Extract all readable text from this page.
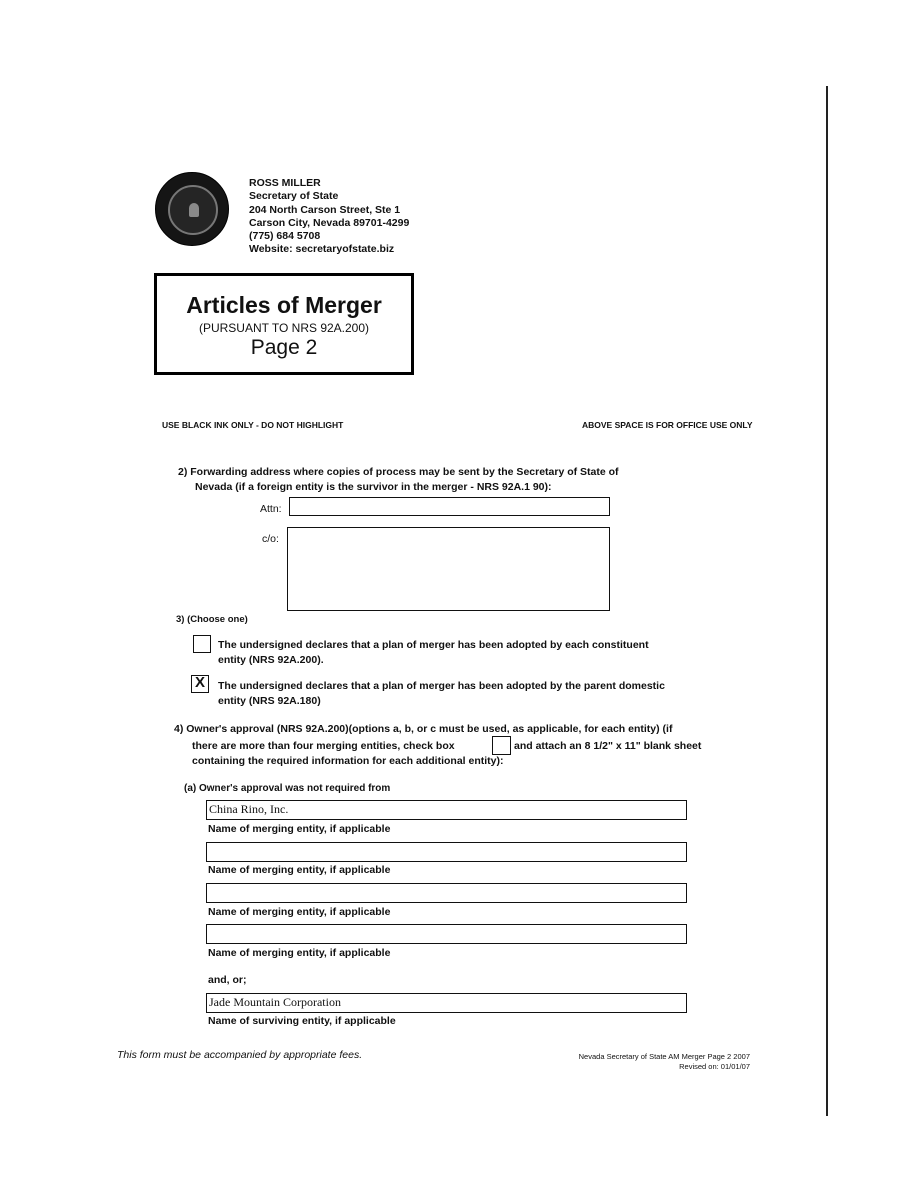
ROSS MILLER
Secretary of State
204 North Carson Street, Ste 1
Carson City, Nevada 89701-4299
(775) 684 5708
Website: secretaryofstate.biz
Articles of Merger
(PURSUANT TO NRS 92A.200)
Page 2
USE BLACK INK ONLY - DO NOT HIGHLIGHT	ABOVE SPACE IS FOR OFFICE USE ONLY
2) Forwarding address where copies of process may be sent by the Secretary of State of
Nevada (if a foreign entity is the survivor in the merger - NRS 92A.1 90):
Attn:
c/o:
3) (Choose one)
The undersigned declares that a plan of merger has been adopted by each constituent
entity (NRS 92A.200).
X	The undersigned declares that a plan of merger has been adopted by the parent domestic
entity (NRS 92A.180)
4) Owner's approval (NRS 92A.200)(options a, b, or c must be used, as applicable, for each entity) (if
there are more than four merging entities, check box	and attach an 8 1/2" x 11" blank sheet
containing the required information for each additional entity):
(a) Owner's approval was not required from
China Rino, Inc.
Name of merging entity, if applicable
Name of merging entity, if applicable
Name of merging entity, if applicable
Name of merging entity, if applicable
and, or;
Jade Mountain Corporation
Name of surviving entity, if applicable
This form must be accompanied by appropriate fees.	Nevada Secretary of State AM Merger Page 2 2007
Revised on: 01/01/07
